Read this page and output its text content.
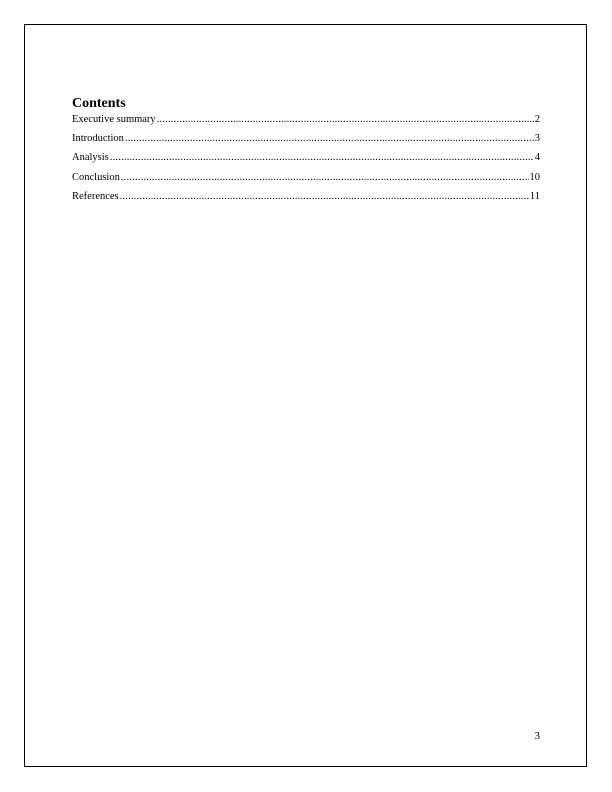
Contents
Executive summary .....	2
Introduction .....	3
Analysis .....	4
Conclusion .....	10
References .....	11
3
